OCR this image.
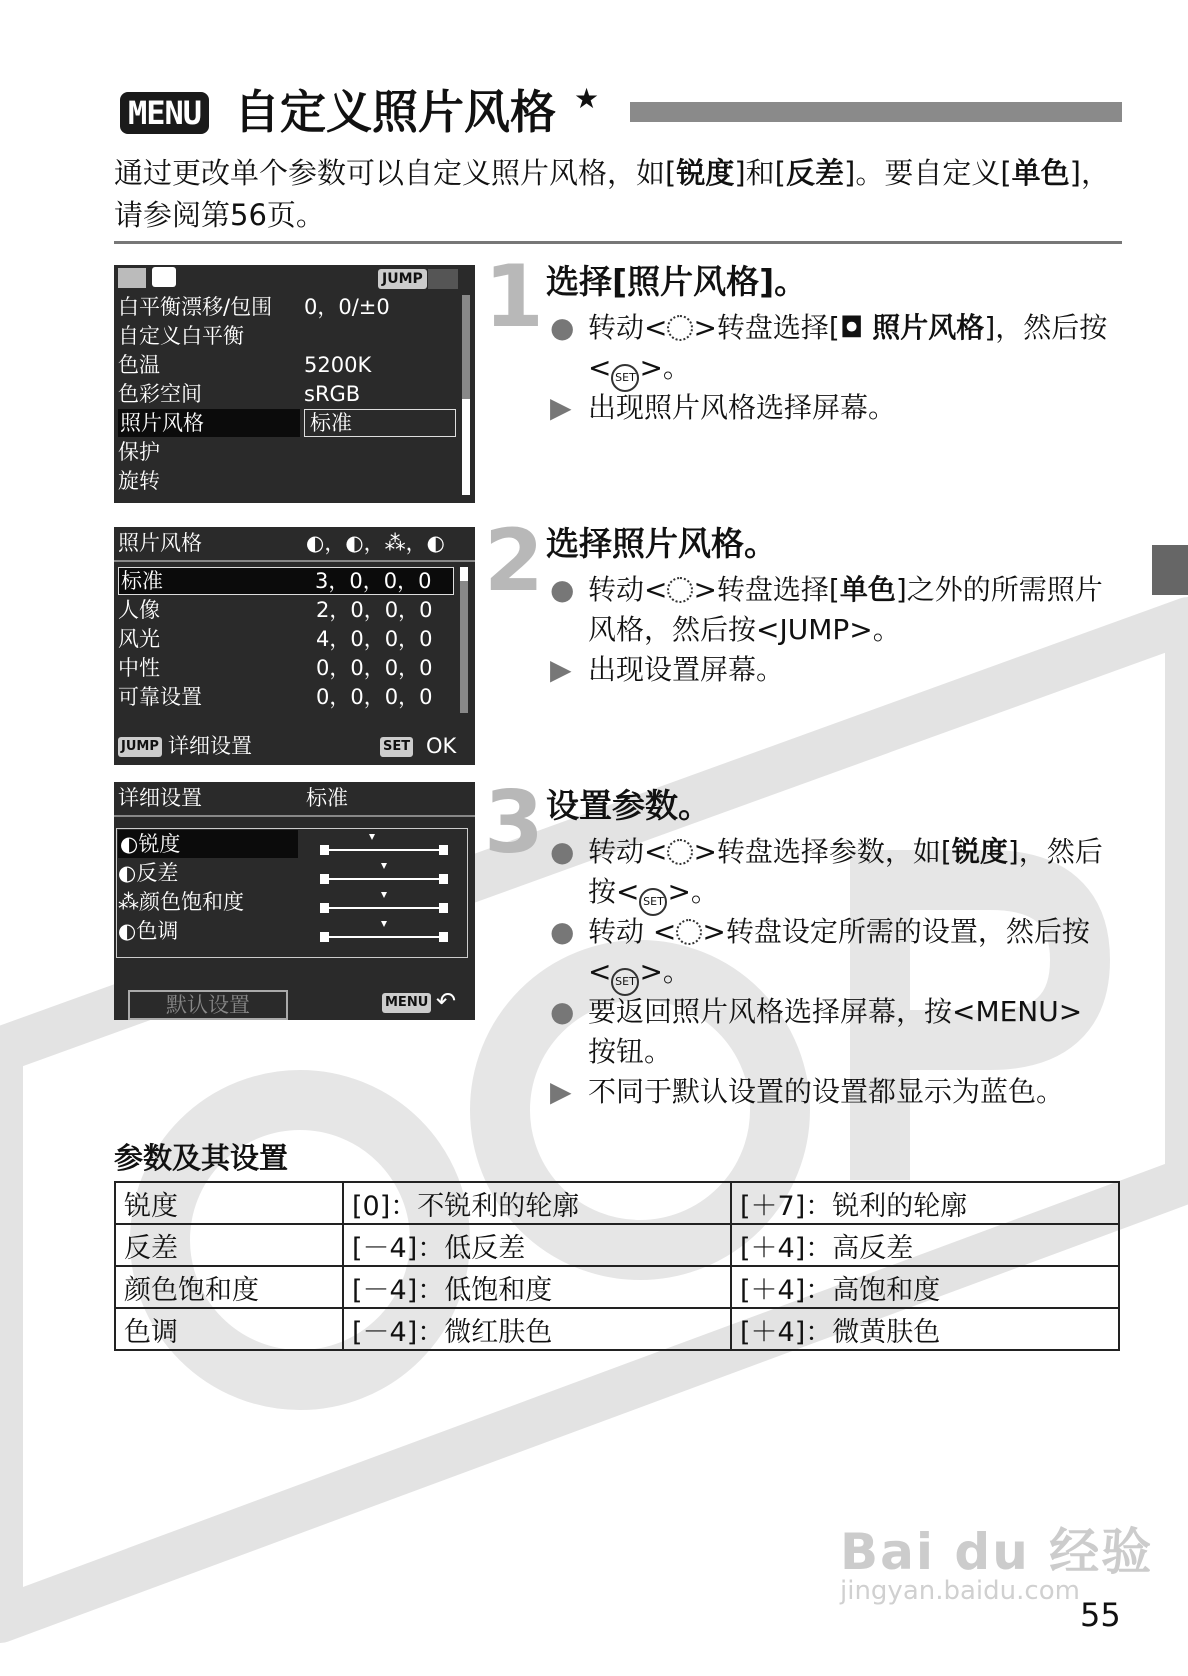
MENU 自定义照片风格 ★
通过更改单个参数可以自定义照片风格，如[锐度]和[反差]。要自定义[单色]，请参阅第56页。
JUMP
白平衡漂移/包围 0，0/±0
自定义白平衡
色温	5200K
色彩空间	sRGB
照片风格	标准
保护
旋转
照片风格	◐，◐，⁂，◐
标准	3，0，0，0
人像	2，0，0，0
风光	4，0，0，0
中性	0，0，0，0
可靠设置	0，0，0，0
JUMP 详细设置	SET OK
详细设置	标准
◐锐度
◐反差
⁂颜色饱和度
◐色调
默认设置	MENU ↶
1 选择[照片风格]。
● 转动< >转盘选择[◘ 照片风格]，然后按< SET >。
▶ 出现照片风格选择屏幕。
2 选择照片风格。
● 转动< >转盘选择[单色]之外的所需照片风格，然后按<JUMP>。
▶ 出现设置屏幕。
3 设置参数。
● 转动< >转盘选择参数，如[锐度]，然后按< SET >。
● 转动 < >转盘设定所需的设置，然后按< SET >。
● 要返回照片风格选择屏幕，按<MENU>按钮。
▶ 不同于默认设置的设置都显示为蓝色。
参数及其设置
锐度	[0]：不锐利的轮廓	[＋7]：锐利的轮廓
反差	[－4]：低反差	[＋4]：高反差
颜色饱和度	[－4]：低饱和度	[＋4]：高饱和度
色调	[－4]：微红肤色	[＋4]：微黄肤色
Bai du 经验
jingyan.baidu.com
55
